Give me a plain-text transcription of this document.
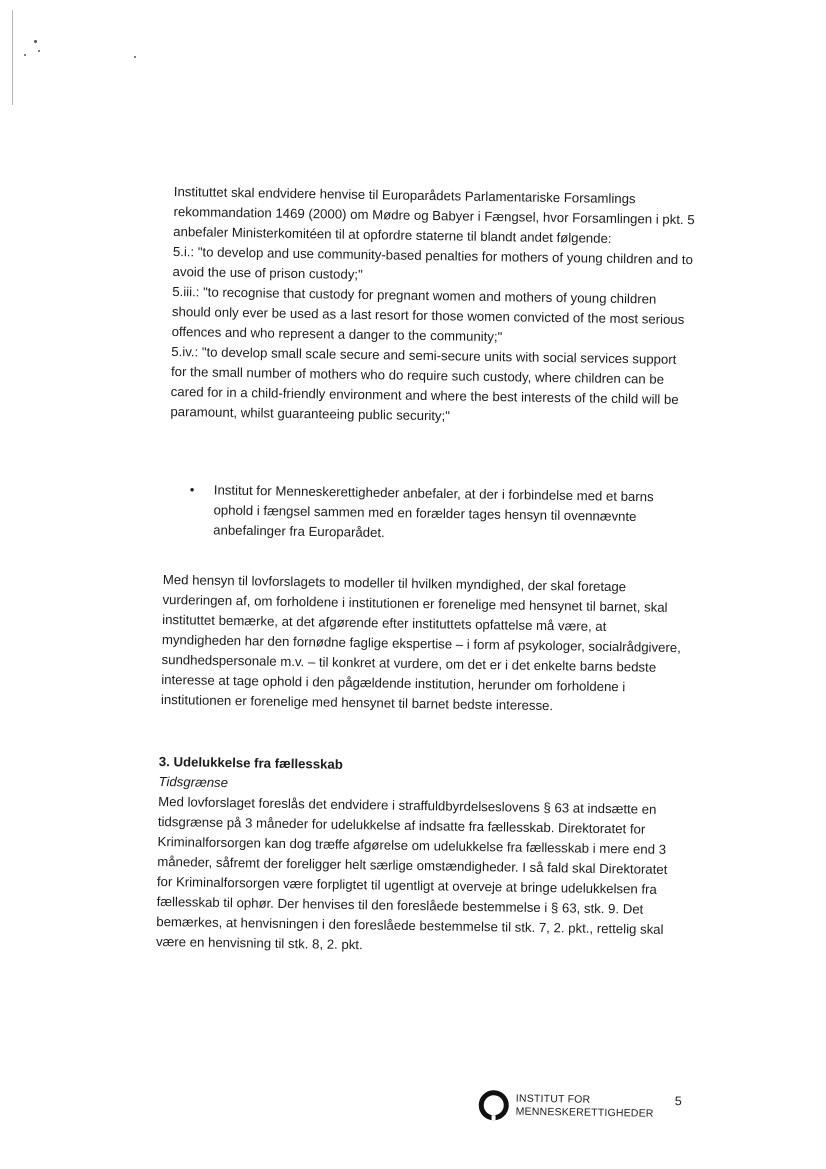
Instituttet skal endvidere henvise til Europarådets Parlamentariske Forsamlings

rekommandation 1469 (2000) om Mødre og Babyer i Fængsel, hvor Forsamlingen i pkt. 5

anbefaler Ministerkomitéen til at opfordre staterne til blandt andet følgende:

5.i.: "to develop and use community-based penalties for mothers of young children and to

avoid the use of prison custody;"

5.iii.: "to recognise that custody for pregnant women and mothers of young children

should only ever be used as a last resort for those women convicted of the most serious

offences and who represent a danger to the community;"

5.iv.: "to develop small scale secure and semi-secure units with social services support

for the small number of mothers who do require such custody, where children can be

cared for in a child-friendly environment and where the best interests of the child will be

paramount, whilst guaranteeing public security;"

• Institut for Menneskerettigheder anbefaler, at der i forbindelse med et barns

ophold i fængsel sammen med en forælder tages hensyn til ovennævnte

anbefalinger fra Europarådet.

Med hensyn til lovforslagets to modeller til hvilken myndighed, der skal foretage

vurderingen af, om forholdene i institutionen er forenelige med hensynet til barnet, skal

instituttet bemærke, at det afgørende efter instituttets opfattelse må være, at

myndigheden har den fornødne faglige ekspertise – i form af psykologer, socialrådgivere,

sundhedspersonale m.v. – til konkret at vurdere, om det er i det enkelte barns bedste

interesse at tage ophold i den pågældende institution, herunder om forholdene i

institutionen er forenelige med hensynet til barnet bedste interesse.

3. Udelukkelse fra fællesskab

Tidsgrænse

Med lovforslaget foreslås det endvidere i straffuldbyrdelseslovens § 63 at indsætte en

tidsgrænse på 3 måneder for udelukkelse af indsatte fra fællesskab. Direktoratet for

Kriminalforsorgen kan dog træffe afgørelse om udelukkelse fra fællesskab i mere end 3

måneder, såfremt der foreligger helt særlige omstændigheder. I så fald skal Direktoratet

for Kriminalforsorgen være forpligtet til ugentligt at overveje at bringe udelukkelsen fra

fællesskab til ophør. Der henvises til den foreslåede bestemmelse i § 63, stk. 9. Det

bemærkes, at henvisningen i den foreslåede bestemmelse til stk. 7, 2. pkt., rettelig skal

være en henvisning til stk. 8, 2. pkt.

INSTITUT FOR
MENNESKERETTIGHEDER
5
